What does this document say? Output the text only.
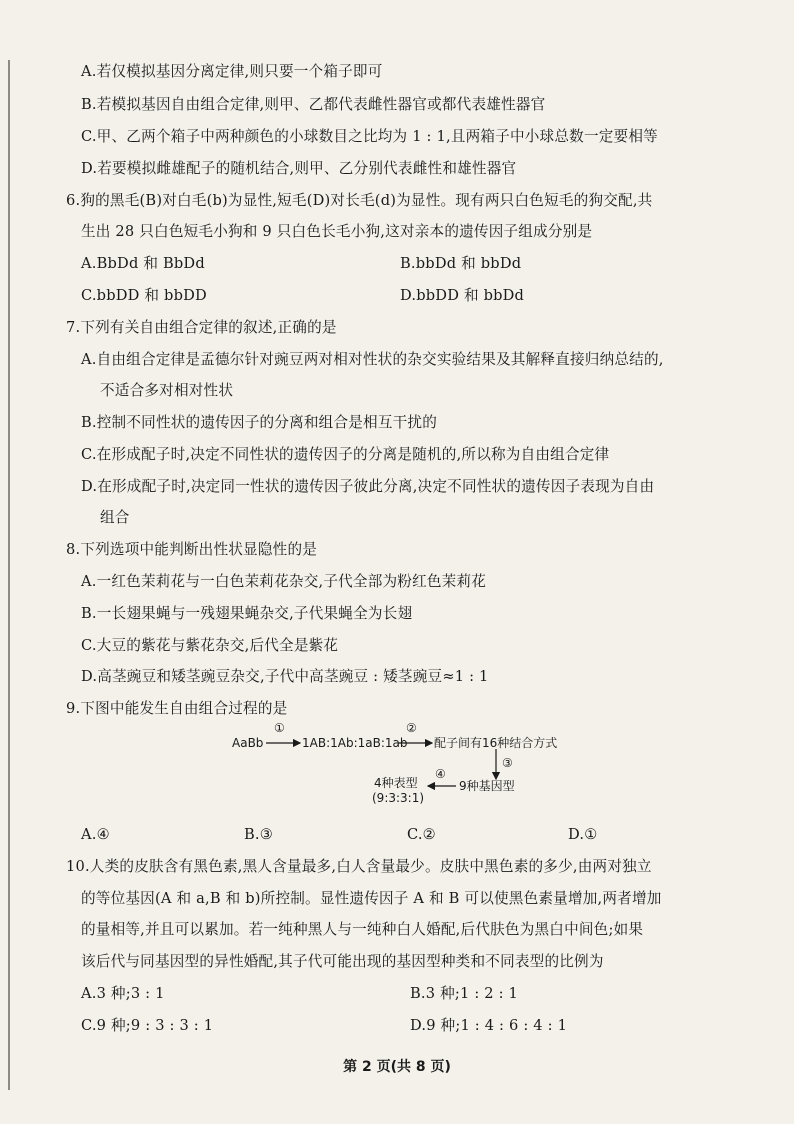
A.若仅模拟基因分离定律,则只要一个箱子即可
B.若模拟基因自由组合定律,则甲、乙都代表雌性器官或都代表雄性器官
C.甲、乙两个箱子中两种颜色的小球数目之比均为 1 : 1,且两箱子中小球总数一定要相等
D.若要模拟雌雄配子的随机结合,则甲、乙分别代表雌性和雄性器官
6.狗的黑毛(B)对白毛(b)为显性,短毛(D)对长毛(d)为显性。现有两只白色短毛的狗交配,共
生出 28 只白色短毛小狗和 9 只白色长毛小狗,这对亲本的遗传因子组成分别是
A.BbDd 和 BbDd	B.bbDd 和 bbDd
C.bbDD 和 bbDD	D.bbDD 和 bbDd
7.下列有关自由组合定律的叙述,正确的是
A.自由组合定律是孟德尔针对豌豆两对相对性状的杂交实验结果及其解释直接归纳总结的,
不适合多对相对性状
B.控制不同性状的遗传因子的分离和组合是相互干扰的
C.在形成配子时,决定不同性状的遗传因子的分离是随机的,所以称为自由组合定律
D.在形成配子时,决定同一性状的遗传因子彼此分离,决定不同性状的遗传因子表现为自由
组合
8.下列选项中能判断出性状显隐性的是
A.一红色茉莉花与一白色茉莉花杂交,子代全部为粉红色茉莉花
B.一长翅果蝇与一残翅果蝇杂交,子代果蝇全为长翅
C.大豆的紫花与紫花杂交,后代全是紫花
D.高茎豌豆和矮茎豌豆杂交,子代中高茎豌豆 : 矮茎豌豆≈1 : 1
9.下图中能发生自由组合过程的是
A.④	B.③	C.②	D.①
10.人类的皮肤含有黑色素,黑人含量最多,白人含量最少。皮肤中黑色素的多少,由两对独立
的等位基因(A 和 a,B 和 b)所控制。显性遗传因子 A 和 B 可以使黑色素量增加,两者增加
的量相等,并且可以累加。若一纯种黑人与一纯种白人婚配,后代肤色为黑白中间色;如果
该后代与同基因型的异性婚配,其子代可能出现的基因型种类和不同表型的比例为
A.3 种;3 : 1	B.3 种;1 : 2 : 1
C.9 种;9 : 3 : 3 : 1	D.9 种;1 : 4 : 6 : 4 : 1
AaBb
①
1AB:1Ab:1aB:1ab
②
配子间有16种结合方式
③
9种基因型
④
4种表型
(9:3:3:1)
第 2 页(共 8 页)
